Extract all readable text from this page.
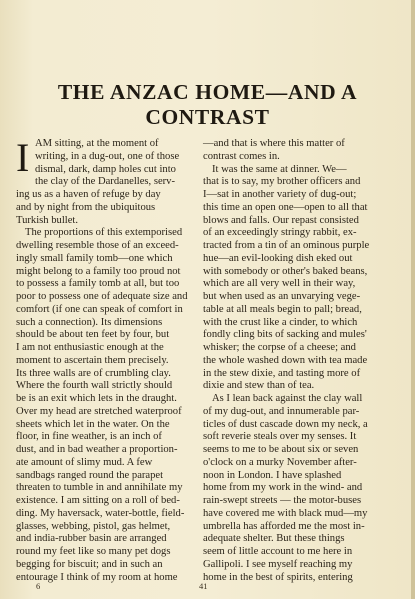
THE ANZAC HOME—AND A
CONTRAST
I AM sitting, at the moment of
writing, in a dug-out, one of those
dismal, dark, damp holes cut into
the clay of the Dardanelles, serv-
ing us as a haven of refuge by day
and by night from the ubiquitous
Turkish bullet.
The proportions of this extemporised
dwelling resemble those of an exceed-
ingly small family tomb—one which
might belong to a family too proud not
to possess a family tomb at all, but too
poor to possess one of adequate size and
comfort (if one can speak of comfort in
such a connection). Its dimensions
should be about ten feet by four, but
I am not enthusiastic enough at the
moment to ascertain them precisely.
Its three walls are of crumbling clay.
Where the fourth wall strictly should
be is an exit which lets in the draught.
Over my head are stretched waterproof
sheets which let in the water. On the
floor, in fine weather, is an inch of
dust, and in bad weather a proportion-
ate amount of slimy mud. A few
sandbags ranged round the parapet
threaten to tumble in and annihilate my
existence. I am sitting on a roll of bed-
ding. My haversack, water-bottle, field-
glasses, webbing, pistol, gas helmet,
and india-rubber basin are arranged
round my feet like so many pet dogs
begging for biscuit; and in such an
entourage I think of my room at home
—and that is where this matter of
contrast comes in.
It was the same at dinner. We—
that is to say, my brother officers and
I—sat in another variety of dug-out;
this time an open one—open to all that
blows and falls. Our repast consisted
of an exceedingly stringy rabbit, ex-
tracted from a tin of an ominous purple
hue—an evil-looking dish eked out
with somebody or other's baked beans,
which are all very well in their way,
but when used as an unvarying vege-
table at all meals begin to pall; bread,
with the crust like a cinder, to which
fondly cling bits of sacking and mules'
whisker; the corpse of a cheese; and
the whole washed down with tea made
in the stew dixie, and tasting more of
dixie and stew than of tea.
As I lean back against the clay wall
of my dug-out, and innumerable par-
ticles of dust cascade down my neck, a
soft reverie steals over my senses. It
seems to me to be about six or seven
o'clock on a murky November after-
noon in London. I have splashed
home from my work in the wind- and
rain-swept streets — the motor-buses
have covered me with black mud—my
umbrella has afforded me the most in-
adequate shelter. But these things
seem of little account to me here in
Gallipoli. I see myself reaching my
home in the best of spirits, entering
6	41
